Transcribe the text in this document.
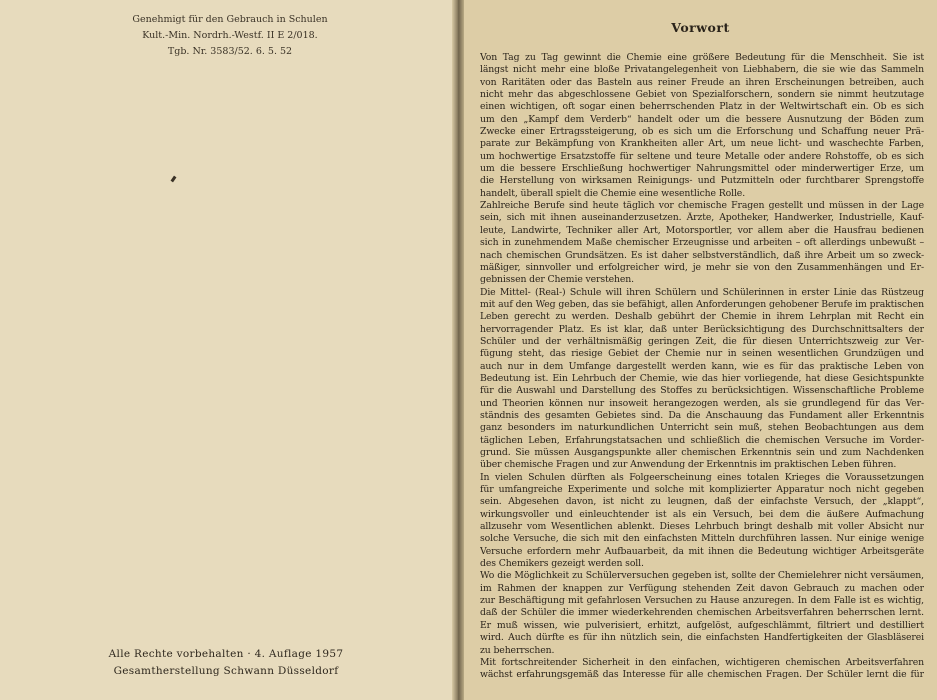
Genehmigt für den Gebrauch in Schulen
Kult.-Min. Nordrh.-Westf. II E 2/018.
Tgb. Nr. 3583/52. 6. 5. 52
Alle Rechte vorbehalten · 4. Auflage 1957
Gesamtherstellung Schwann Düsseldorf
Vorwort
Von Tag zu Tag gewinnt die Chemie eine größere Bedeutung für die Menschheit. Sie ist
längst nicht mehr eine bloße Privatangelegenheit von Liebhabern, die sie wie das Sammeln
von Raritäten oder das Basteln aus reiner Freude an ihren Erscheinungen betreiben, auch
nicht mehr das abgeschlossene Gebiet von Spezialforschern, sondern sie nimmt heutzutage
einen wichtigen, oft sogar einen beherrschenden Platz in der Weltwirtschaft ein. Ob es sich
um den „Kampf dem Verderb“ handelt oder um die bessere Ausnutzung der Böden zum
Zwecke einer Ertragssteigerung, ob es sich um die Erforschung und Schaffung neuer Prä-
parate zur Bekämpfung von Krankheiten aller Art, um neue licht- und waschechte Farben,
um hochwertige Ersatzstoffe für seltene und teure Metalle oder andere Rohstoffe, ob es sich
um die bessere Erschließung hochwertiger Nahrungsmittel oder minderwertiger Erze, um
die Herstellung von wirksamen Reinigungs- und Putzmitteln oder furchtbarer Sprengstoffe
handelt, überall spielt die Chemie eine wesentliche Rolle.
Zahlreiche Berufe sind heute täglich vor chemische Fragen gestellt und müssen in der Lage
sein, sich mit ihnen auseinanderzusetzen. Ärzte, Apotheker, Handwerker, Industrielle, Kauf-
leute, Landwirte, Techniker aller Art, Motorsportler, vor allem aber die Hausfrau bedienen
sich in zunehmendem Maße chemischer Erzeugnisse und arbeiten – oft allerdings unbewußt –
nach chemischen Grundsätzen. Es ist daher selbstverständlich, daß ihre Arbeit um so zweck-
mäßiger, sinnvoller und erfolgreicher wird, je mehr sie von den Zusammenhängen und Er-
gebnissen der Chemie verstehen.
Die Mittel- (Real-) Schule will ihren Schülern und Schülerinnen in erster Linie das Rüstzeug
mit auf den Weg geben, das sie befähigt, allen Anforderungen gehobener Berufe im praktischen
Leben gerecht zu werden. Deshalb gebührt der Chemie in ihrem Lehrplan mit Recht ein
hervorragender Platz. Es ist klar, daß unter Berücksichtigung des Durchschnittsalters der
Schüler und der verhältnismäßig geringen Zeit, die für diesen Unterrichtszweig zur Ver-
fügung steht, das riesige Gebiet der Chemie nur in seinen wesentlichen Grundzügen und
auch nur in dem Umfange dargestellt werden kann, wie es für das praktische Leben von
Bedeutung ist. Ein Lehrbuch der Chemie, wie das hier vorliegende, hat diese Gesichtspunkte
für die Auswahl und Darstellung des Stoffes zu berücksichtigen. Wissenschaftliche Probleme
und Theorien können nur insoweit herangezogen werden, als sie grundlegend für das Ver-
ständnis des gesamten Gebietes sind. Da die Anschauung das Fundament aller Erkenntnis
ganz besonders im naturkundlichen Unterricht sein muß, stehen Beobachtungen aus dem
täglichen Leben, Erfahrungstatsachen und schließlich die chemischen Versuche im Vorder-
grund. Sie müssen Ausgangspunkte aller chemischen Erkenntnis sein und zum Nachdenken
über chemische Fragen und zur Anwendung der Erkenntnis im praktischen Leben führen.
In vielen Schulen dürften als Folgeerscheinung eines totalen Krieges die Voraussetzungen
für umfangreiche Experimente und solche mit komplizierter Apparatur noch nicht gegeben
sein. Abgesehen davon, ist nicht zu leugnen, daß der einfachste Versuch, der „klappt“,
wirkungsvoller und einleuchtender ist als ein Versuch, bei dem die äußere Aufmachung
allzusehr vom Wesentlichen ablenkt. Dieses Lehrbuch bringt deshalb mit voller Absicht nur
solche Versuche, die sich mit den einfachsten Mitteln durchführen lassen. Nur einige wenige
Versuche erfordern mehr Aufbauarbeit, da mit ihnen die Bedeutung wichtiger Arbeitsgeräte
des Chemikers gezeigt werden soll.
Wo die Möglichkeit zu Schülerversuchen gegeben ist, sollte der Chemielehrer nicht versäumen,
im Rahmen der knappen zur Verfügung stehenden Zeit davon Gebrauch zu machen oder
zur Beschäftigung mit gefahrlosen Versuchen zu Hause anzuregen. In dem Falle ist es wichtig,
daß der Schüler die immer wiederkehrenden chemischen Arbeitsverfahren beherrschen lernt.
Er muß wissen, wie pulverisiert, erhitzt, aufgelöst, aufgeschlämmt, filtriert und destilliert
wird. Auch dürfte es für ihn nützlich sein, die einfachsten Handfertigkeiten der Glasbläserei
zu beherrschen.
Mit fortschreitender Sicherheit in den einfachen, wichtigeren chemischen Arbeitsverfahren
wächst erfahrungsgemäß das Interesse für alle chemischen Fragen. Der Schüler lernt die für
